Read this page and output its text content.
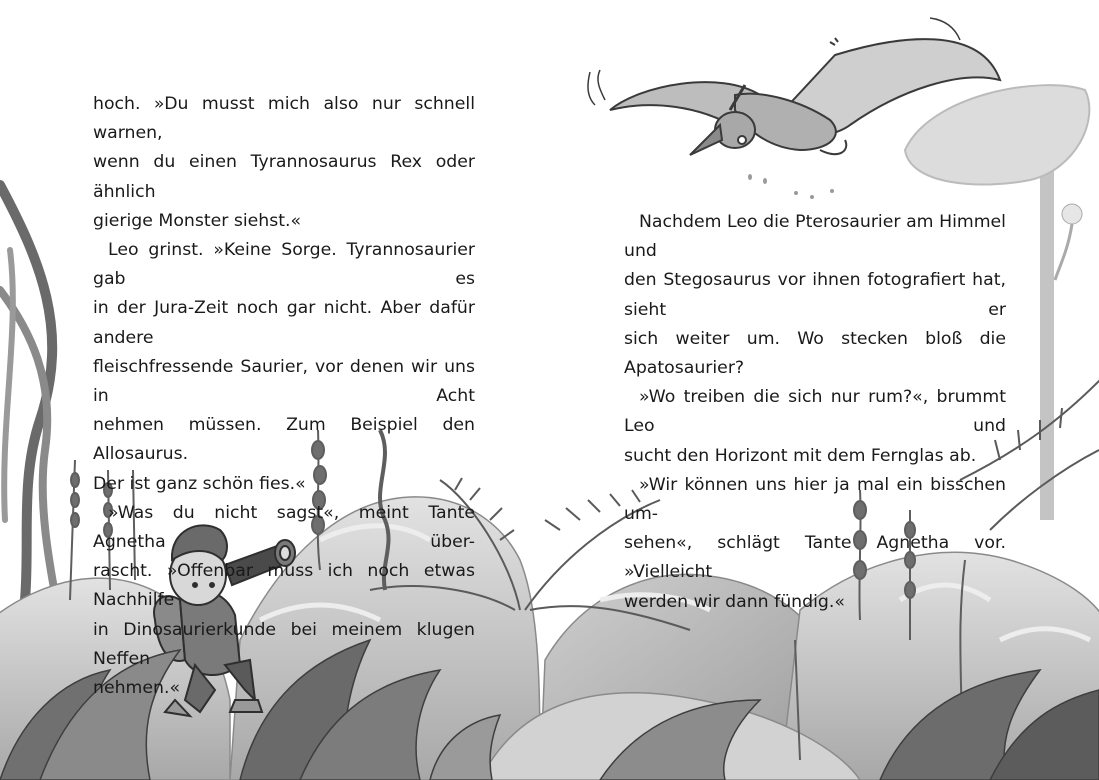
hoch. »Du musst mich also nur schnell warnen,

wenn du einen Tyrannosaurus Rex oder ähnlich

gierige Monster siehst.«

Leo grinst. »Keine Sorge. Tyrannosaurier gab es

in der Jura-Zeit noch gar nicht. Aber dafür andere

fleischfressende Saurier, vor denen wir uns in Acht

nehmen müssen. Zum Beispiel den Allosaurus.

Der ist ganz schön fies.«

»Was du nicht sagst«, meint Tante Agnetha über-

rascht. »Offenbar muss ich noch etwas Nachhilfe

in Dinosaurierkunde bei meinem klugen Neffen

nehmen.«

Nachdem Leo die Pterosaurier am Himmel und

den Stegosaurus vor ihnen fotografiert hat, sieht er

sich weiter um. Wo stecken bloß die Apatosaurier?

»Wo treiben die sich nur rum?«, brummt Leo und

sucht den Horizont mit dem Fernglas ab.

»Wir können uns hier ja mal ein bisschen um-

sehen«, schlägt Tante Agnetha vor. »Vielleicht

werden wir dann fündig.«
